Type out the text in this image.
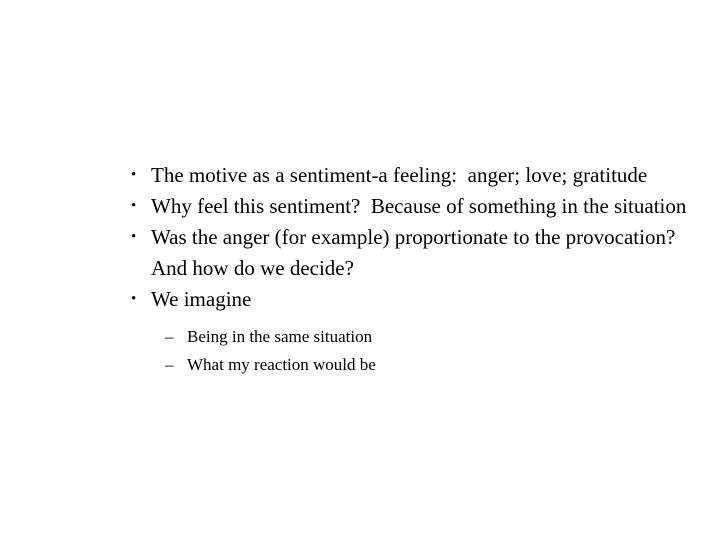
• The motive as a sentiment-a feeling:  anger; love; gratitude
• Why feel this sentiment?  Because of something in the situation
• Was the anger (for example) proportionate to the provocation?  And how do we decide?
• We imagine
– Being in the same situation
– What my reaction would be
